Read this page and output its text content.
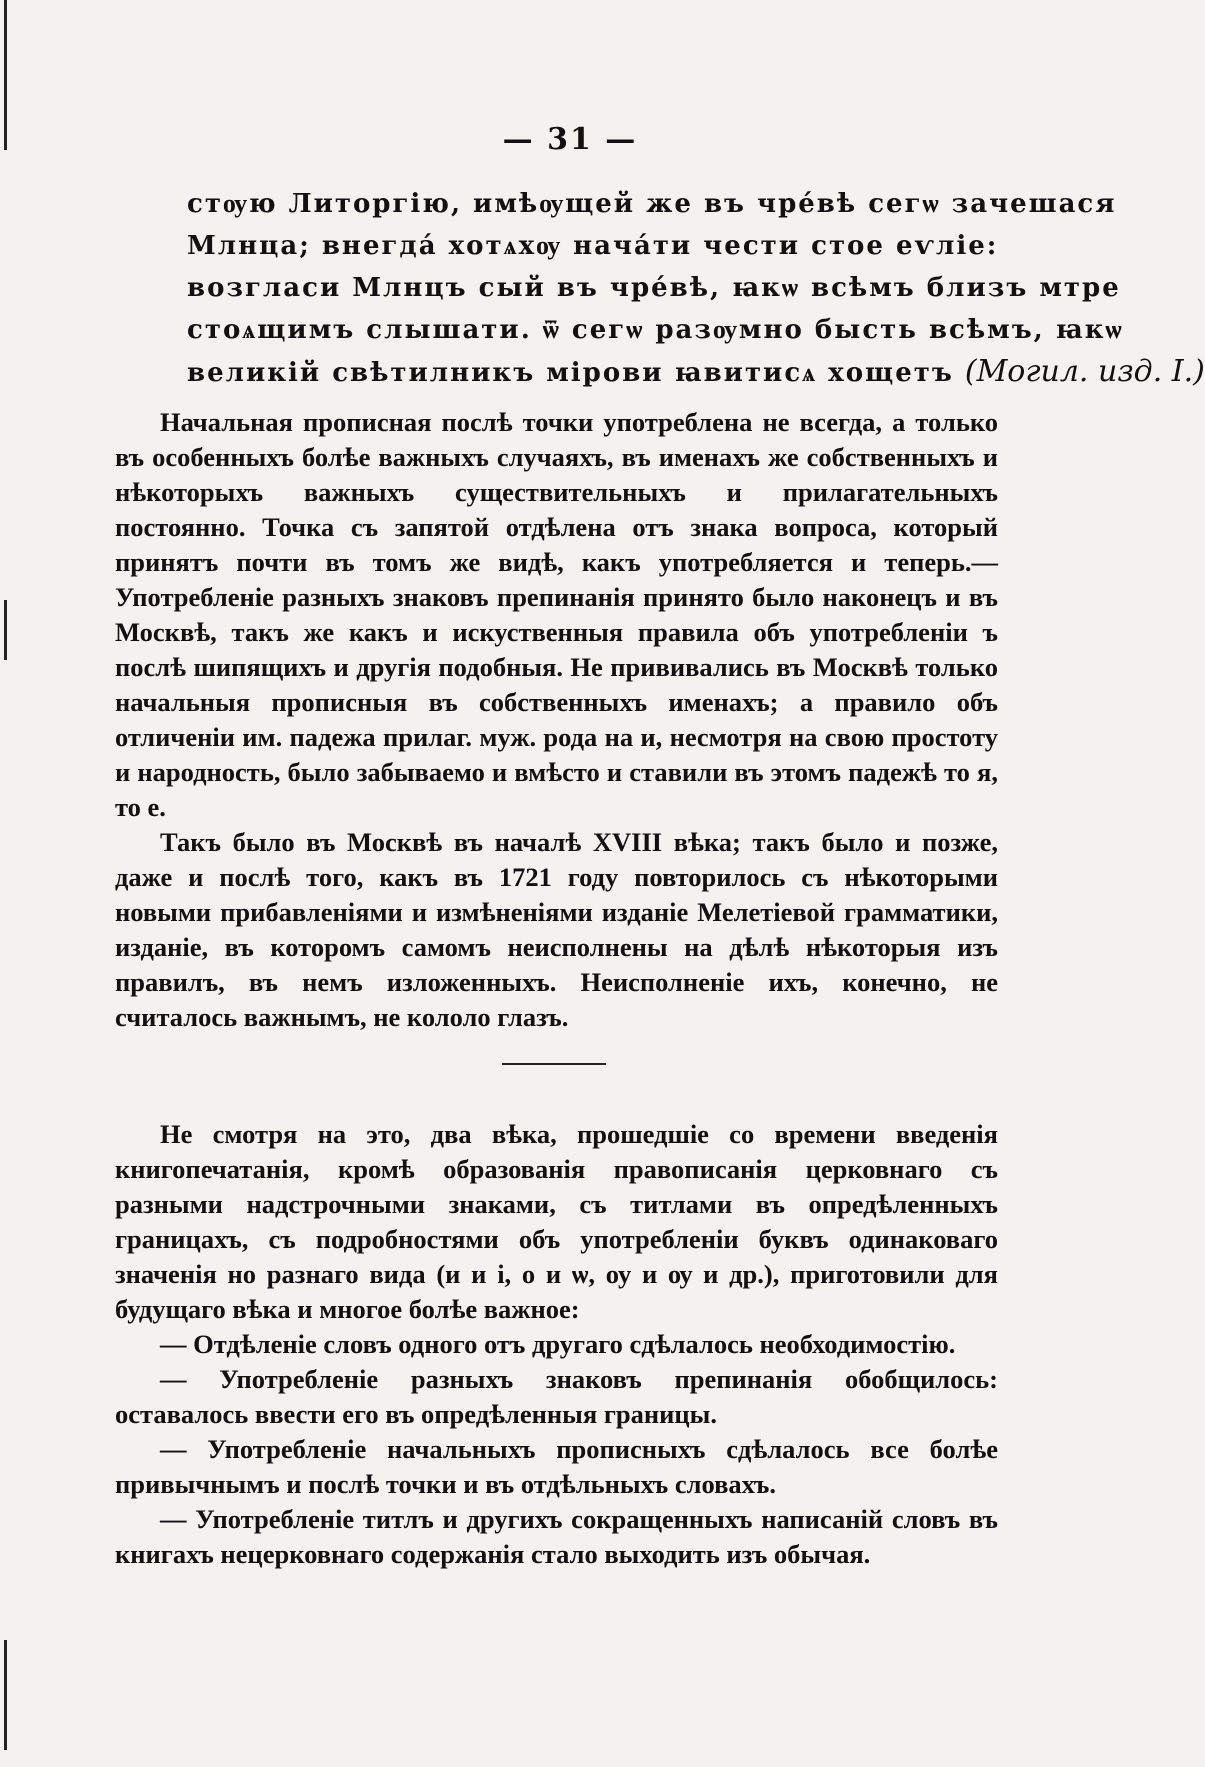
— 31 —
стѹю Литоргію, имѣѹщей же въ чрéвѣ сегѡ зачешася
Млнца; внегдá хотѧхѹ начáти чести стое еѵліе:
возгласи Млнцъ сый въ чрéвѣ, ꙗкѡ всѣмъ близъ мтре
стоѧщимъ слышати. ѿ сегѡ разѹмно бысть всѣмъ, ꙗкѡ
великій свѣтилникъ мірови ꙗвитисѧ хощетъ (Могил. изд. I.)

Начальная прописная послѣ точки употреблена не всегда, а только въ особенныхъ болѣе важныхъ случаяхъ, въ именахъ же собственныхъ и нѣкоторыхъ важныхъ существительныхъ и прилагательныхъ постоянно. Точка съ запятой отдѣлена отъ знака вопроса, который принятъ почти въ томъ же видѣ, какъ употребляется и теперь.—Употребленіе разныхъ знаковъ препинанія принято было наконецъ и въ Москвѣ, такъ же какъ и искуственныя правила объ употребленіи ъ послѣ шипящихъ и другія подобныя. Не прививались въ Москвѣ только начальныя прописныя въ собственныхъ именахъ; а правило объ отличеніи им. падежа прилаг. муж. рода на и, несмотря на свою простоту и народность, было забываемо и вмѣсто и ставили въ этомъ падежѣ то я, то е.

Такъ было въ Москвѣ въ началѣ XVIII вѣка; такъ было и позже, даже и послѣ того, какъ въ 1721 году повторилось съ нѣкоторыми новыми прибавленіями и измѣненіями изданіе Мелетіевой грамматики, изданіе, въ которомъ самомъ неисполнены на дѣлѣ нѣкоторыя изъ правилъ, въ немъ изложенныхъ. Неисполненіе ихъ, конечно, не считалось важнымъ, не кололо глазъ.

Не смотря на это, два вѣка, прошедшіе со времени введенія книгопечатанія, кромѣ образованія правописанія церковнаго съ разными надстрочными знаками, съ титлами въ опредѣленныхъ границахъ, съ подробностями объ употребленіи буквъ одинаковаго значенія но разнаго вида (и и і, о и ѡ, оу и ѹ и др.), приготовили для будущаго вѣка и многое болѣе важное:

— Отдѣленіе словъ одного отъ другаго сдѣлалось необходимостію.

— Употребленіе разныхъ знаковъ препинанія обобщилось: оставалось ввести его въ опредѣленныя границы.

— Употребленіе начальныхъ прописныхъ сдѣлалось все болѣе привычнымъ и послѣ точки и въ отдѣльныхъ словахъ.

— Употребленіе титлъ и другихъ сокращенныхъ написаній словъ въ книгахъ нецерковнаго содержанія стало выходить изъ обычая.
